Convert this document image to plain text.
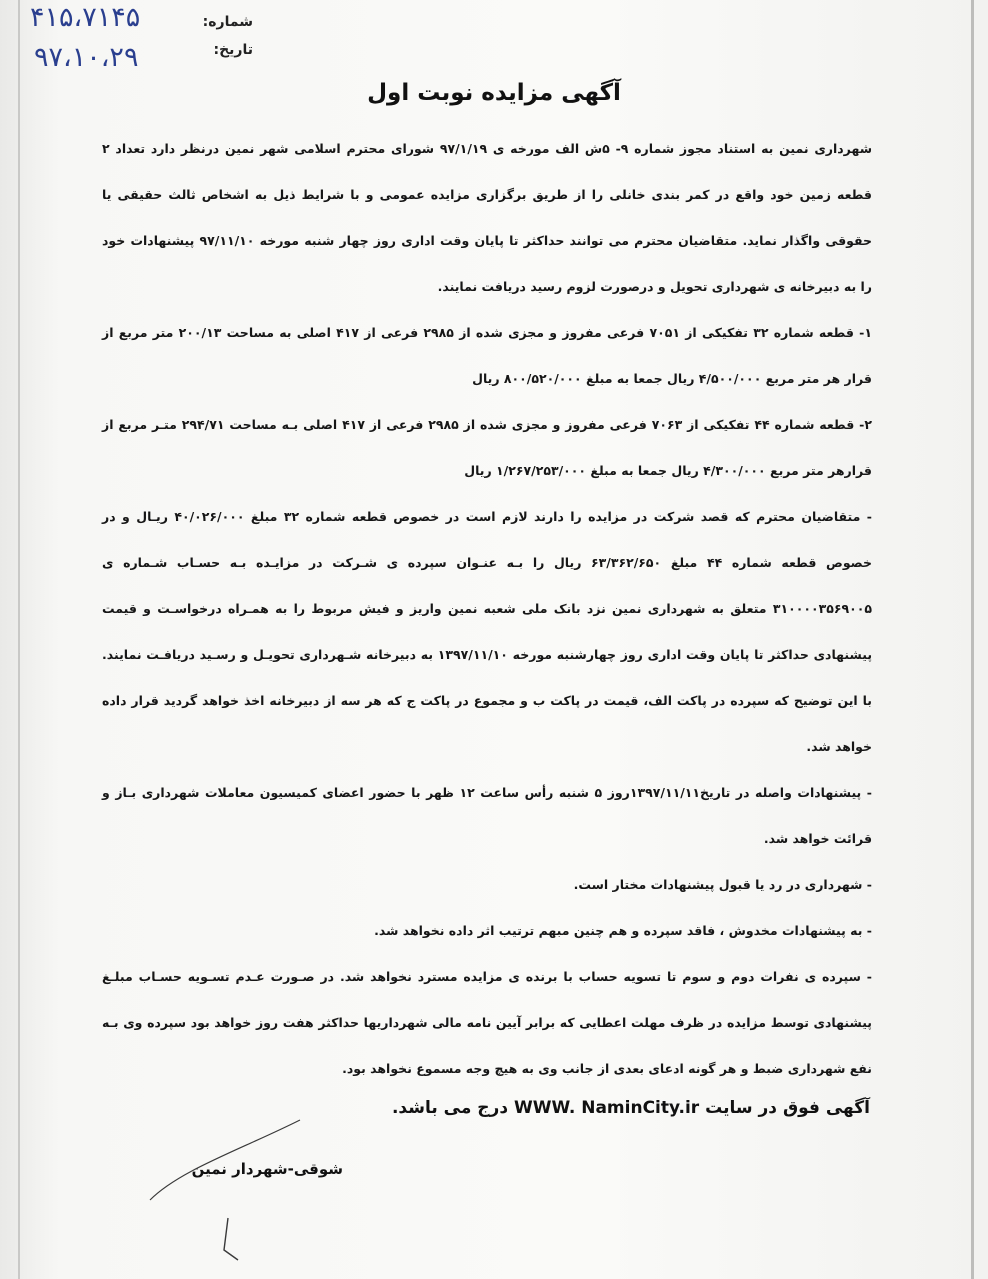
شماره:
تاریخ:
۴۱۵،۷۱۴۵
۹۷،۱۰،۲۹
آگهی مزایده نوبت اول

شهرداری نمین به استناد مجوز شماره ۹- ۵ش الف مورخه ی ۹۷/۱/۱۹ شورای محترم اسلامی شهر نمین درنظر دارد تعداد ۲ قطعه زمین خود واقع در کمر بندی خانلی را از طریق برگزاری مزایده عمومی و با شرایط ذیل به اشخاص ثالث حقیقی یا حقوقی واگذار نماید. متقاضیان محترم می توانند حداکثر تا پایان وقت اداری روز چهار شنبه مورخه ۹۷/۱۱/۱۰ پیشنهادات خود را به دبیرخانه ی شهرداری تحویل و درصورت لزوم رسید دریافت نمایند.

۱- قطعه شماره ۳۲ تفکیکی از ۷۰۵۱ فرعی مفروز و مجزی شده از ۲۹۸۵ فرعی از ۴۱۷ اصلی به مساحت ۲۰۰/۱۳ متر مربع از قرار هر متر مربع ۴/۵۰۰/۰۰۰ ریال جمعا به مبلغ ۸۰۰/۵۲۰/۰۰۰ ریال

۲- قطعه شماره ۴۴ تفکیکی از ۷۰۶۳ فرعی مفروز و مجزی شده از ۲۹۸۵ فرعی از ۴۱۷ اصلی بـه مساحت ۲۹۴/۷۱ متـر مربع از قرارهر متر مربع ۴/۳۰۰/۰۰۰ ریال جمعا به مبلغ ۱/۲۶۷/۲۵۳/۰۰۰ ریال

- متقاضیان محترم که قصد شرکت در مزایده را دارند لازم است در خصوص قطعه شماره ۳۲ مبلغ ۴۰/۰۲۶/۰۰۰ ریـال و در خصوص قطعه شماره ۴۴ مبلغ ۶۳/۳۶۲/۶۵۰ ریال را بـه عنـوان سپرده ی شـرکت در مزایـده بـه حسـاب شـماره ی ۳۱۰۰۰۰۳۵۶۹۰۰۵ متعلق به شهرداری نمین نزد بانک ملی شعبه نمین واریز و فیش مربوط را به همـراه درخواسـت و قیمت پیشنهادی حداکثر تا پایان وقت اداری روز چهارشنبه مورخه ۱۳۹۷/۱۱/۱۰ به دبیرخانه شـهرداری تحویـل و رسـید دریافـت نمایند. با این توضیح که سپرده در پاکت الف، قیمت در پاکت ب و مجموع در پاکت ج که هر سه از دبیرخانه اخذ خواهد گردید قرار داده خواهد شد.

- پیشنهادات واصله در تاریخ۱۳۹۷/۱۱/۱۱روز ۵ شنبه رأس ساعت ۱۲ ظهر با حضور اعضای کمیسیون معاملات شهرداری بـاز و قرائت خواهد شد.

- شهرداری در رد یا قبول پیشنهادات مختار است.

- به پیشنهادات مخدوش ، فاقد سپرده و هم چنین مبهم ترتیب اثر داده نخواهد شد.

- سپرده ی نفرات دوم و سوم تا تسویه حساب با برنده ی مزایده مسترد نخواهد شد. در صـورت عـدم تسـویه حسـاب مبلـغ پیشنهادی توسط مزایده در ظرف مهلت اعطایی که برابر آیین نامه مالی شهرداریها حداکثر هفت روز خواهد بود سپرده وی بـه نفع شهرداری ضبط و هر گونه ادعای بعدی از جانب وی به هیچ وجه مسموع نخواهد بود.

آگهی فوق در سایت WWW. NaminCity.ir درج می باشد.
شوقی-شهردار نمین
